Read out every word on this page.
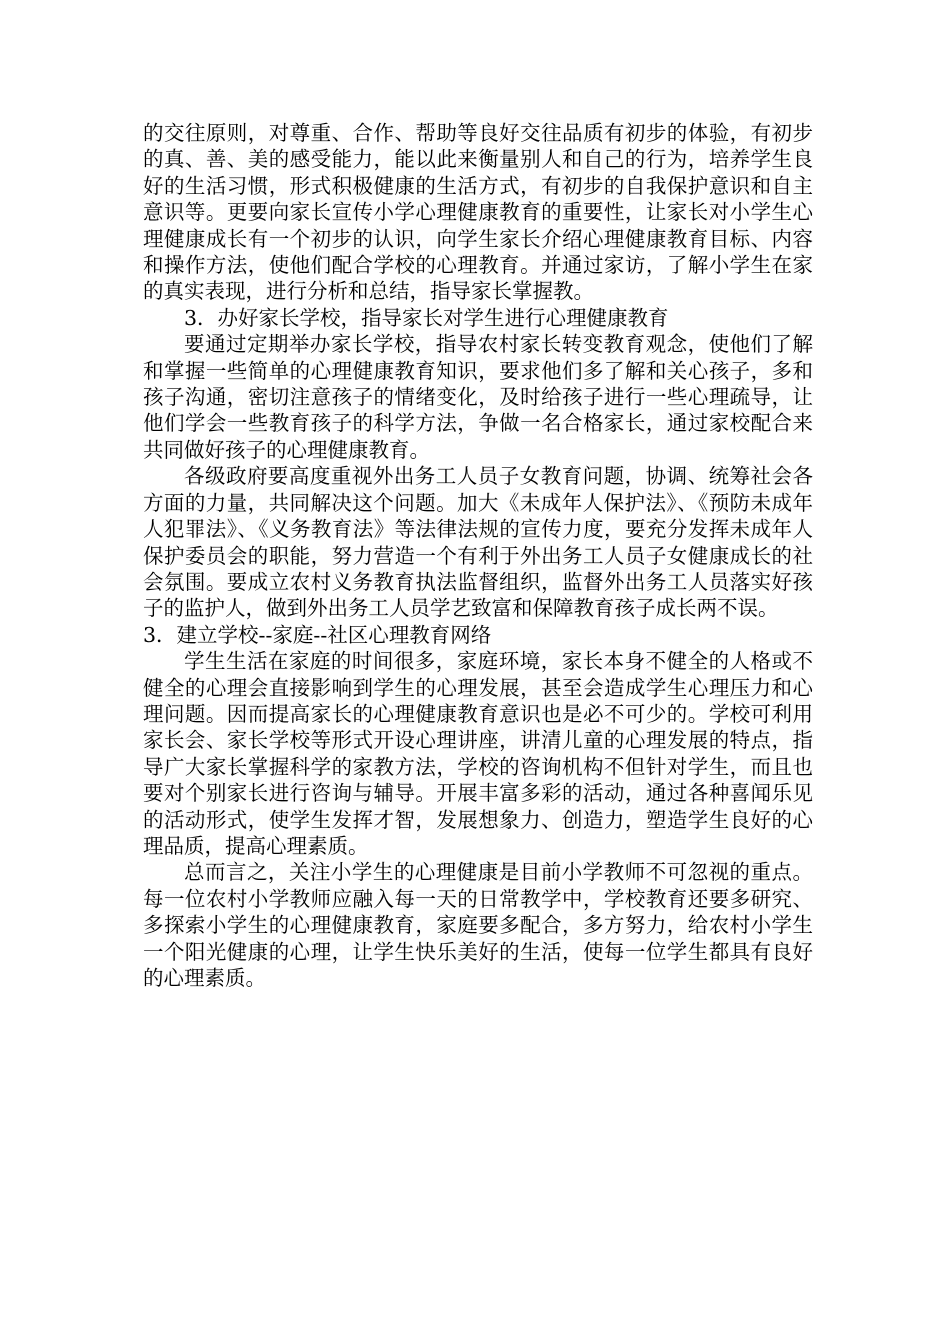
的交往原则，对尊重、合作、帮助等良好交往品质有初步的体验，有初步的真、善、美的感受能力，能以此来衡量别人和自己的行为，培养学生良好的生活习惯，形式积极健康的生活方式，有初步的自我保护意识和自主意识等。更要向家长宣传小学心理健康教育的重要性，让家长对小学生心理健康成长有一个初步的认识，向学生家长介绍心理健康教育目标、内容和操作方法，使他们配合学校的心理教育。并通过家访，了解小学生在家的真实表现，进行分析和总结，指导家长掌握教。

3．办好家长学校，指导家长对学生进行心理健康教育

要通过定期举办家长学校，指导农村家长转变教育观念，使他们了解和掌握一些简单的心理健康教育知识，要求他们多了解和关心孩子，多和孩子沟通，密切注意孩子的情绪变化，及时给孩子进行一些心理疏导，让他们学会一些教育孩子的科学方法，争做一名合格家长，通过家校配合来共同做好孩子的心理健康教育。

各级政府要高度重视外出务工人员子女教育问题，协调、统筹社会各方面的力量，共同解决这个问题。加大《未成年人保护法》、《预防未成年人犯罪法》、《义务教育法》等法律法规的宣传力度，要充分发挥未成年人保护委员会的职能，努力营造一个有利于外出务工人员子女健康成长的社会氛围。要成立农村义务教育执法监督组织，监督外出务工人员落实好孩子的监护人，做到外出务工人员学艺致富和保障教育孩子成长两不误。

3．建立学校--家庭--社区心理教育网络

学生生活在家庭的时间很多，家庭环境，家长本身不健全的人格或不健全的心理会直接影响到学生的心理发展，甚至会造成学生心理压力和心理问题。因而提高家长的心理健康教育意识也是必不可少的。学校可利用家长会、家长学校等形式开设心理讲座，讲清儿童的心理发展的特点，指导广大家长掌握科学的家教方法，学校的咨询机构不但针对学生，而且也要对个别家长进行咨询与辅导。开展丰富多彩的活动，通过各种喜闻乐见的活动形式，使学生发挥才智，发展想象力、创造力，塑造学生良好的心理品质，提高心理素质。

总而言之，关注小学生的心理健康是目前小学教师不可忽视的重点。每一位农村小学教师应融入每一天的日常教学中，学校教育还要多研究、多探索小学生的心理健康教育，家庭要多配合，多方努力，给农村小学生一个阳光健康的心理，让学生快乐美好的生活，使每一位学生都具有良好的心理素质。
